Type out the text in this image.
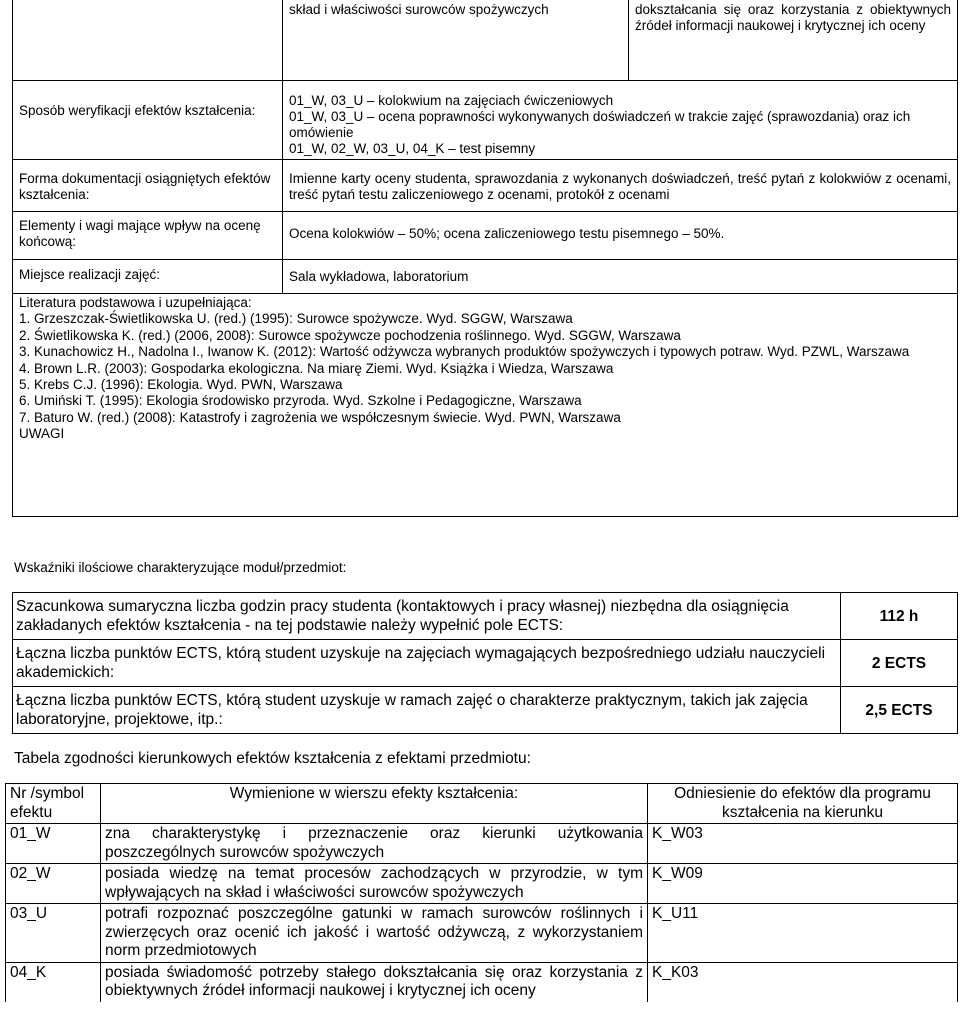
	skład i właściwości surowców spożywczych	dokształcania się oraz korzystania z obiektywnych źródeł informacji naukowej i krytycznej ich oceny
Sposób weryfikacji efektów kształcenia:	01_W, 03_U – kolokwium na zajęciach ćwiczeniowych
01_W, 03_U – ocena poprawności wykonywanych doświadczeń w trakcie zajęć (sprawozdania) oraz ich omówienie
01_W, 02_W, 03_U, 04_K – test pisemny	

Forma dokumentacji osiągniętych efektów kształcenia:	Imienne karty oceny studenta, sprawozdania z wykonanych doświadczeń, treść pytań z kolokwiów z ocenami, treść pytań testu zaliczeniowego z ocenami, protokół z ocenami	
Elementy i wagi mające wpływ na ocenę końcową:	Ocena kolokwiów – 50%; ocena zaliczeniowego testu pisemnego – 50%.	
Miejsce realizacji zajęć:	Sala wykładowa, laboratorium	
Literatura podstawowa i uzupełniająca:
1. Grzeszczak-Świetlikowska U. (red.) (1995): Surowce spożywcze. Wyd. SGGW, Warszawa
2. Świetlikowska K. (red.) (2006, 2008): Surowce spożywcze pochodzenia roślinnego. Wyd. SGGW, Warszawa
3. Kunachowicz H., Nadolna I., Iwanow K. (2012): Wartość odżywcza wybranych produktów spożywczych i typowych potraw. Wyd. PZWL, Warszawa
4. Brown L.R. (2003): Gospodarka ekologiczna. Na miarę Ziemi. Wyd. Książka i Wiedza, Warszawa
5. Krebs C.J. (1996): Ekologia. Wyd. PWN, Warszawa
6. Umiński T. (1995): Ekologia środowisko przyroda. Wyd. Szkolne i Pedagogiczne, Warszawa
7. Baturo W. (red.) (2008): Katastrofy i zagrożenia we współczesnym świecie. Wyd. PWN, Warszawa
UWAGI
Wskaźniki ilościowe charakteryzujące moduł/przedmiot:
Szacunkowa sumaryczna liczba godzin pracy studenta (kontaktowych i pracy własnej) niezbędna dla osiągnięcia zakładanych efektów kształcenia - na tej podstawie należy wypełnić pole ECTS:	112 h
Łączna liczba punktów ECTS, którą student uzyskuje na zajęciach wymagających bezpośredniego udziału nauczycieli akademickich:	2 ECTS
Łączna liczba punktów ECTS, którą student uzyskuje w ramach zajęć o charakterze praktycznym, takich jak zajęcia laboratoryjne, projektowe, itp.:	2,5 ECTS
Tabela zgodności kierunkowych efektów kształcenia z efektami przedmiotu:
Nr /symbol efektu	Wymienione w wierszu efekty kształcenia:	Odniesienie do efektów dla programu kształcenia na kierunku
01_W	zna charakterystykę i przeznaczenie oraz kierunki użytkowania poszczególnych surowców spożywczych	K_W03
02_W	posiada wiedzę na temat procesów zachodzących w przyrodzie, w tym wpływających na skład i właściwości surowców spożywczych	K_W09
03_U	potrafi rozpoznać poszczególne gatunki w ramach surowców roślinnych i zwierzęcych oraz ocenić ich jakość i wartość odżywczą, z wykorzystaniem norm przedmiotowych	K_U11
04_K	posiada świadomość potrzeby stałego dokształcania się oraz korzystania z obiektywnych źródeł informacji naukowej i krytycznej ich oceny	K_K03
